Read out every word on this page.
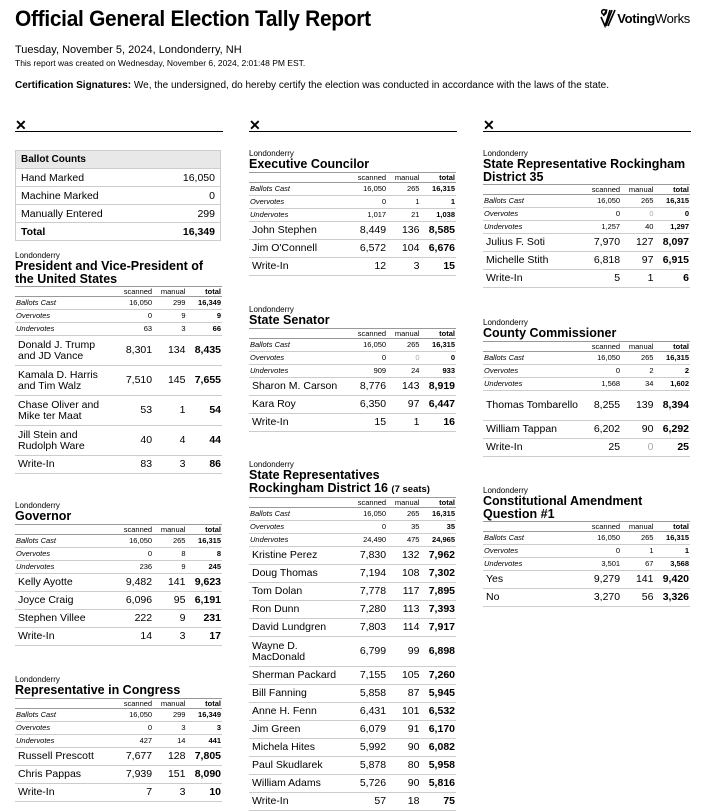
Official General Election Tally Report	Voting Works
Tuesday, November 5, 2024, Londonderry, NH
This report was created on Wednesday, November 6, 2024, 2:01:48 PM EST.
Certification Signatures: We, the undersigned, do hereby certify the election was conducted in accordance with the laws of the state.
✕	✕	✕
Ballot Counts	
Hand Marked	16,050
Machine Marked	0
Manually Entered	299
Total	16,349
Londonderry
President and Vice-President of the United States
	scanned	manual	total
Ballots Cast	16,050	299	16,349
Overvotes	0	9	9
Undervotes	63	3	66
Donald J. Trump and JD Vance	8,301	134	8,435
Kamala D. Harris and Tim Walz	7,510	145	7,655
Chase Oliver and Mike ter Maat	53	1	54
Jill Stein and Rudolph Ware	40	4	44
Write-In	83	3	86
Londonderry
Governor
	scanned	manual	total
Ballots Cast	16,050	265	16,315
Overvotes	0	8	8
Undervotes	236	9	245
Kelly Ayotte	9,482	141	9,623
Joyce Craig	6,096	95	6,191
Stephen Villee	222	9	231
Write-In	14	3	17
Londonderry
Representative in Congress
	scanned	manual	total
Ballots Cast	16,050	299	16,349
Overvotes	0	3	3
Undervotes	427	14	441
Russell Prescott	7,677	128	7,805
Chris Pappas	7,939	151	8,090
Write-In	7	3	10
Londonderry
Executive Councilor
	scanned	manual	total
Ballots Cast	16,050	265	16,315
Overvotes	0	1	1
Undervotes	1,017	21	1,038
John Stephen	8,449	136	8,585
Jim O'Connell	6,572	104	6,676
Write-In	12	3	15
Londonderry
State Senator
	scanned	manual	total
Ballots Cast	16,050	265	16,315
Overvotes	0	0	0
Undervotes	909	24	933
Sharon M. Carson	8,776	143	8,919
Kara Roy	6,350	97	6,447
Write-In	15	1	16
Londonderry
State Representatives Rockingham District 16 (7 seats)
	scanned	manual	total
Ballots Cast	16,050	265	16,315
Overvotes	0	35	35
Undervotes	24,490	475	24,965
Kristine Perez	7,830	132	7,962
Doug Thomas	7,194	108	7,302
Tom Dolan	7,778	117	7,895
Ron Dunn	7,280	113	7,393
David Lundgren	7,803	114	7,917
Wayne D. MacDonald	6,799	99	6,898
Sherman Packard	7,155	105	7,260
Bill Fanning	5,858	87	5,945
Anne H. Fenn	6,431	101	6,532
Jim Green	6,079	91	6,170
Michela Hites	5,992	90	6,082
Paul Skudlarek	5,878	80	5,958
William Adams	5,726	90	5,816
Write-In	57	18	75
Londonderry
State Representative Rockingham District 35
	scanned	manual	total
Ballots Cast	16,050	265	16,315
Overvotes	0	0	0
Undervotes	1,257	40	1,297
Julius F. Soti	7,970	127	8,097
Michelle Stith	6,818	97	6,915
Write-In	5	1	6
Londonderry
County Commissioner
	scanned	manual	total
Ballots Cast	16,050	265	16,315
Overvotes	0	2	2
Undervotes	1,568	34	1,602
Thomas Tombarello	8,255	139	8,394
William Tappan	6,202	90	6,292
Write-In	25	0	25
Londonderry
Constitutional Amendment Question #1
	scanned	manual	total
Ballots Cast	16,050	265	16,315
Overvotes	0	1	1
Undervotes	3,501	67	3,568
Yes	9,279	141	9,420
No	3,270	56	3,326
